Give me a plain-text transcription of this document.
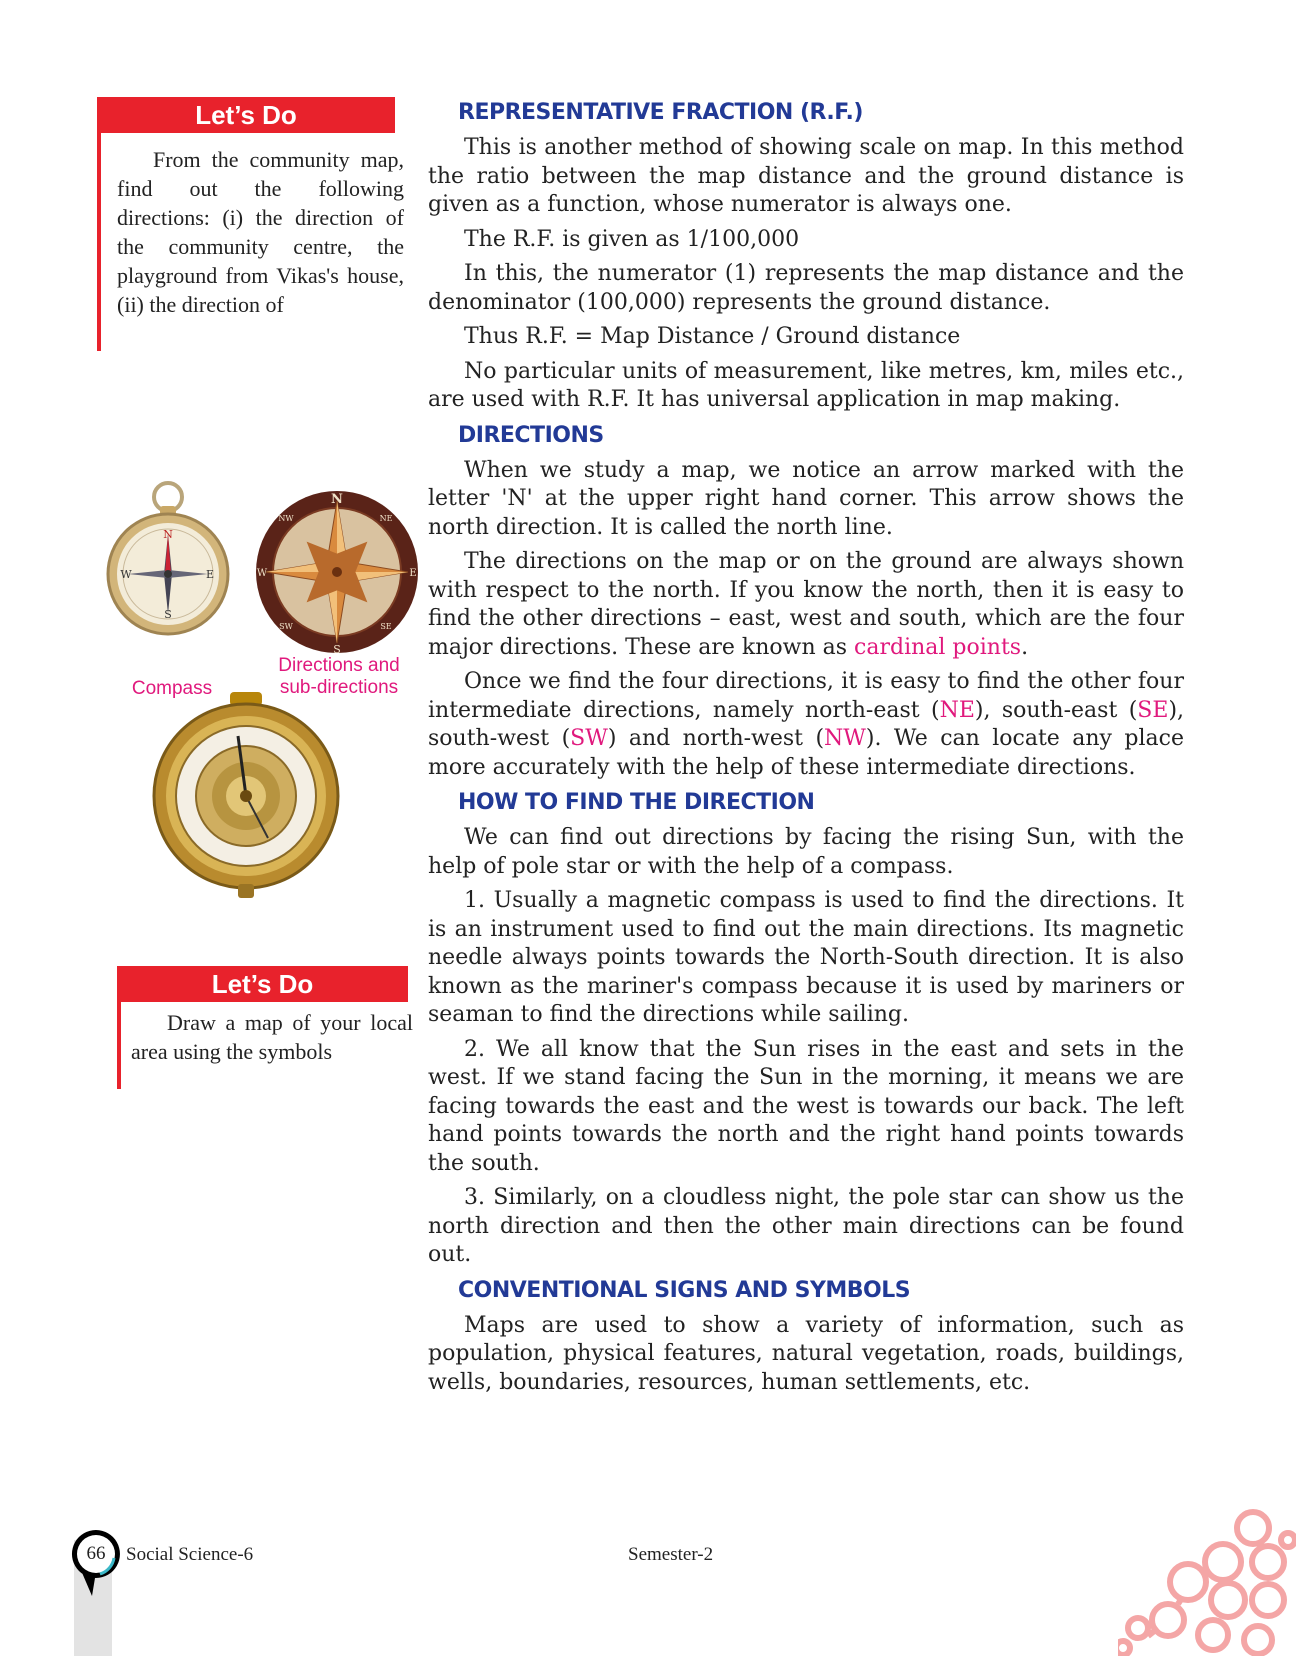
Let’s Do
From the community map, find out the following directions: (i) the direction of the community centre, the playground from Vikas's house, (ii) the direction of
N
S
W	E
N
S
E
W
NE
SE
SW
NW
Compass
Directions and sub-directions
Let’s Do
Draw a map of your local area using the symbols
REPRESENTATIVE FRACTION (R.F.)

This is another method of showing scale on map. In this method the ratio between the map distance and the ground distance is given as a function, whose numerator is always one.

The R.F. is given as 1/100,000

In this, the numerator (1) represents the map distance and the denominator (100,000) represents the ground distance.

Thus R.F. = Map Distance / Ground distance

No particular units of measurement, like metres, km, miles etc., are used with R.F. It has universal application in map making.

DIRECTIONS

When we study a map, we notice an arrow marked with the letter 'N' at the upper right hand corner. This arrow shows the north direction. It is called the north line.

The directions on the map or on the ground are always shown with respect to the north. If you know the north, then it is easy to find the other directions – east, west and south, which are the four major directions. These are known as cardinal points.

Once we find the four directions, it is easy to find the other four intermediate directions, namely north-east (NE), south-east (SE), south-west (SW) and north-west (NW). We can locate any place more accurately with the help of these intermediate directions.

HOW TO FIND THE DIRECTION

We can find out directions by facing the rising Sun, with the help of pole star or with the help of a compass.

1. Usually a magnetic compass is used to find the directions. It is an instrument used to find out the main directions. Its magnetic needle always points towards the North-South direction. It is also known as the mariner's compass because it is used by mariners or seaman to find the directions while sailing.

2. We all know that the Sun rises in the east and sets in the west. If we stand facing the Sun in the morning, it means we are facing towards the east and the west is towards our back. The left hand points towards the north and the right hand points towards the south.

3. Similarly, on a cloudless night, the pole star can show us the north direction and then the other main directions can be found out.

CONVENTIONAL SIGNS AND SYMBOLS

Maps are used to show a variety of information, such as population, physical features, natural vegetation, roads, buildings, wells, boundaries, resources, human settlements, etc.

66	Social Science-6	Semester-2
